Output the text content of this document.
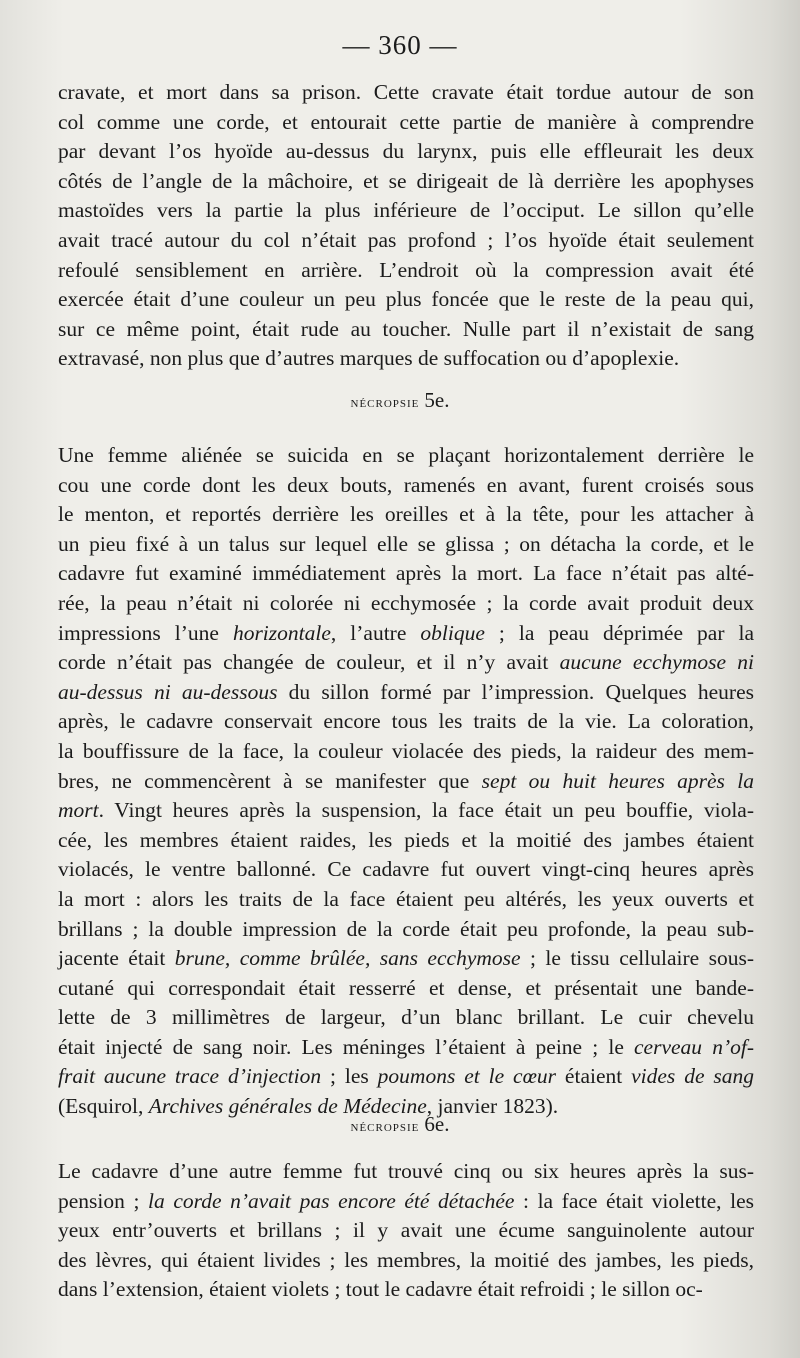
— 360 —
cravate, et mort dans sa prison. Cette cravate était tordue autour de son
col comme une corde, et entourait cette partie de manière à comprendre
par devant l’os hyoïde au-dessus du larynx, puis elle effleurait les deux
côtés de l’angle de la mâchoire, et se dirigeait de là derrière les apophyses
mastoïdes vers la partie la plus inférieure de l’occiput. Le sillon qu’elle
avait tracé autour du col n’était pas profond ; l’os hyoïde était seulement
refoulé sensiblement en arrière. L’endroit où la compression avait été
exercée était d’une couleur un peu plus foncée que le reste de la peau qui,
sur ce même point, était rude au toucher. Nulle part il n’existait de sang
extravasé, non plus que d’autres marques de suffocation ou d’apoplexie.
nécropsie 5e.
Une femme aliénée se suicida en se plaçant horizontalement derrière le
cou une corde dont les deux bouts, ramenés en avant, furent croisés sous
le menton, et reportés derrière les oreilles et à la tête, pour les attacher à
un pieu fixé à un talus sur lequel elle se glissa ; on détacha la corde, et le
cadavre fut examiné immédiatement après la mort. La face n’était pas alté-
rée, la peau n’était ni colorée ni ecchymosée ; la corde avait produit deux
impressions l’une horizontale, l’autre oblique ; la peau déprimée par la
corde n’était pas changée de couleur, et il n’y avait aucune ecchymose ni
au-dessus ni au-dessous du sillon formé par l’impression. Quelques heures
après, le cadavre conservait encore tous les traits de la vie. La coloration,
la bouffissure de la face, la couleur violacée des pieds, la raideur des mem-
bres, ne commencèrent à se manifester que sept ou huit heures après la
mort. Vingt heures après la suspension, la face était un peu bouffie, viola-
cée, les membres étaient raides, les pieds et la moitié des jambes étaient
violacés, le ventre ballonné. Ce cadavre fut ouvert vingt-cinq heures après
la mort : alors les traits de la face étaient peu altérés, les yeux ouverts et
brillans ; la double impression de la corde était peu profonde, la peau sub-
jacente était brune, comme brûlée, sans ecchymose ; le tissu cellulaire sous-
cutané qui correspondait était resserré et dense, et présentait une bande-
lette de 3 millimètres de largeur, d’un blanc brillant. Le cuir chevelu
était injecté de sang noir. Les méninges l’étaient à peine ; le cerveau n’of-
frait aucune trace d’injection ; les poumons et le cœur étaient vides de sang
(Esquirol, Archives générales de Médecine, janvier 1823).
nécropsie 6e.
Le cadavre d’une autre femme fut trouvé cinq ou six heures après la sus-
pension ; la corde n’avait pas encore été détachée : la face était violette, les
yeux entr’ouverts et brillans ; il y avait une écume sanguinolente autour
des lèvres, qui étaient livides ; les membres, la moitié des jambes, les pieds,
dans l’extension, étaient violets ; tout le cadavre était refroidi ; le sillon oc-
